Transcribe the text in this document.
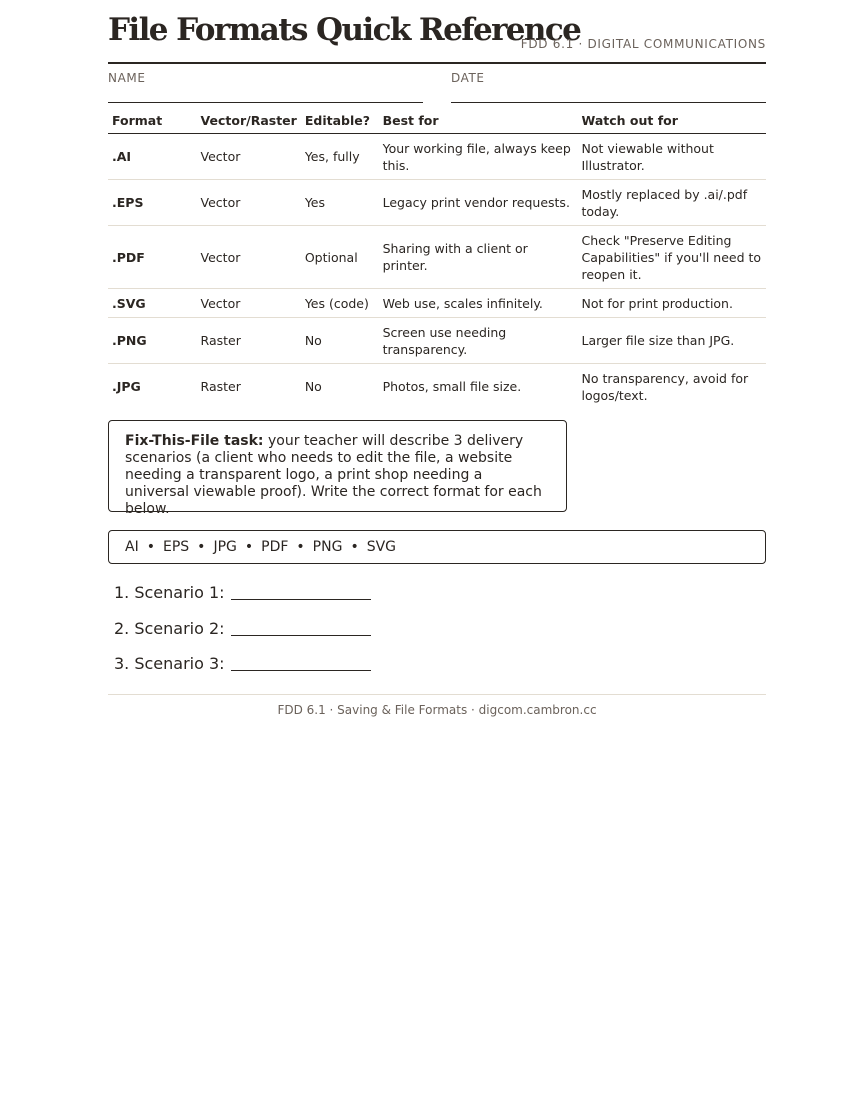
File Formats Quick Reference
FDD 6.1 · DIGITAL COMMUNICATIONS
NAME	DATE
Format	Vector/Raster	Editable?	Best for	Watch out for
.AI	Vector	Yes, fully	Your working file, always keep this.	Not viewable without Illustrator.
.EPS	Vector	Yes	Legacy print vendor requests.	Mostly replaced by .ai/.pdf today.
.PDF	Vector	Optional	Sharing with a client or printer.	Check "Preserve Editing Capabilities" if you'll need to reopen it.
.SVG	Vector	Yes (code)	Web use, scales infinitely.	Not for print production.
.PNG	Raster	No	Screen use needing transparency.	Larger file size than JPG.
.JPG	Raster	No	Photos, small file size.	No transparency, avoid for logos/text.
Fix-This-File task: your teacher will describe 3 delivery scenarios (a client who needs to edit the file, a website needing a transparent logo, a print shop needing a universal viewable proof). Write the correct format for each below.
AI • EPS • JPG • PDF • PNG • SVG
1. Scenario 1:
2. Scenario 2:
3. Scenario 3:
FDD 6.1 · Saving & File Formats · digcom.cambron.cc
